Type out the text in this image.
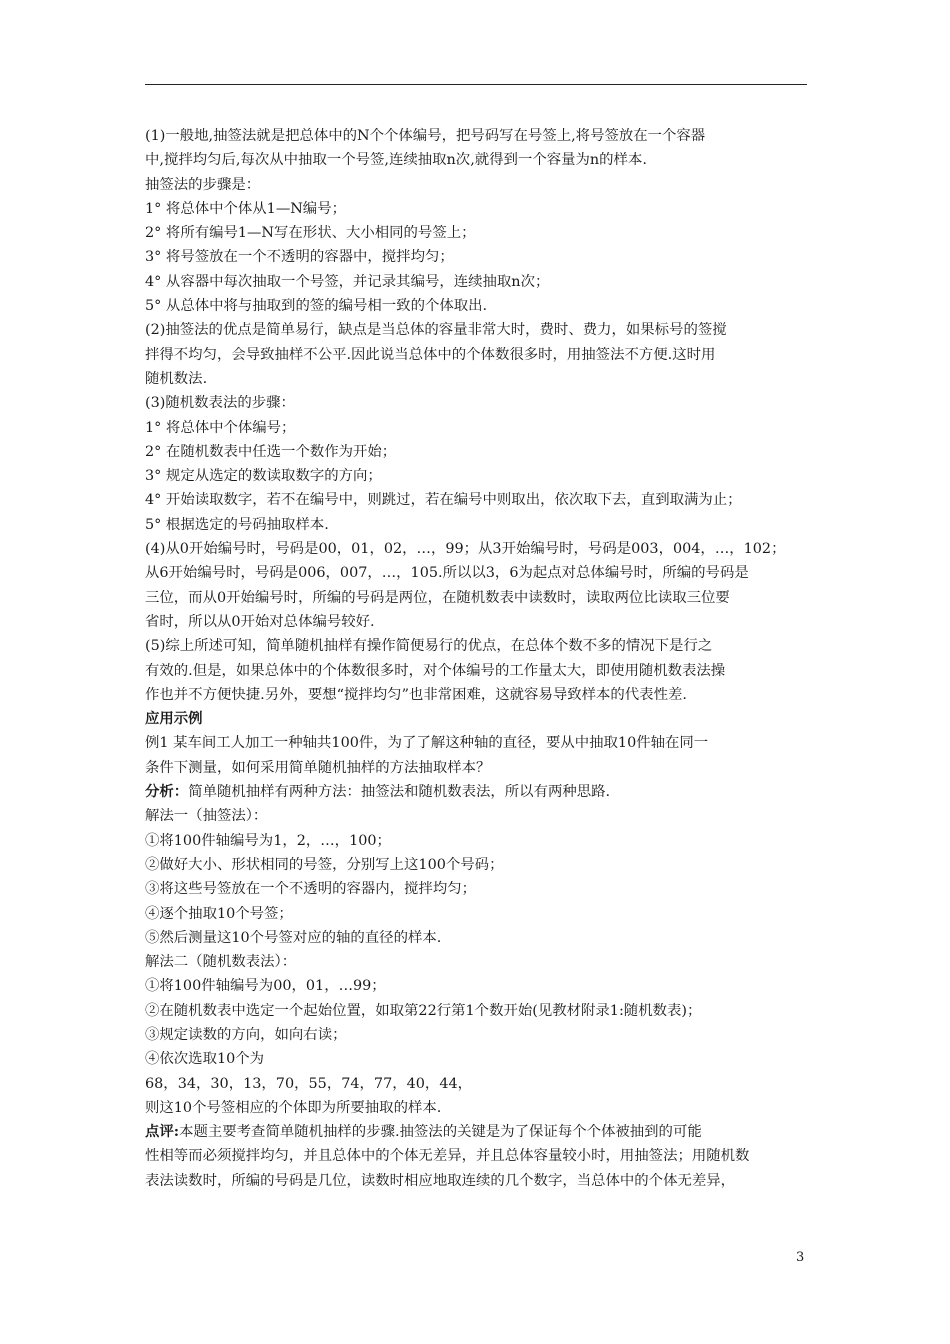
(1)一般地,抽签法就是把总体中的N个个体编号，把号码写在号签上,将号签放在一个容器
中,搅拌均匀后,每次从中抽取一个号签,连续抽取n次,就得到一个容量为n的样本.
抽签法的步骤是：
1° 将总体中个体从1—N编号；
2° 将所有编号1—N写在形状、大小相同的号签上；
3° 将号签放在一个不透明的容器中，搅拌均匀；
4° 从容器中每次抽取一个号签，并记录其编号，连续抽取n次；
5° 从总体中将与抽取到的签的编号相一致的个体取出.
(2)抽签法的优点是简单易行，缺点是当总体的容量非常大时，费时、费力，如果标号的签搅
拌得不均匀，会导致抽样不公平.因此说当总体中的个体数很多时，用抽签法不方便.这时用
随机数法.
(3)随机数表法的步骤：
1° 将总体中个体编号；
2° 在随机数表中任选一个数作为开始；
3° 规定从选定的数读取数字的方向；
4° 开始读取数字，若不在编号中，则跳过，若在编号中则取出，依次取下去，直到取满为止；
5° 根据选定的号码抽取样本.
(4)从0开始编号时，号码是00，01，02，…，99；从3开始编号时，号码是003，004，…，102；
从6开始编号时，号码是006，007，…，105.所以以3，6为起点对总体编号时，所编的号码是
三位，而从0开始编号时，所编的号码是两位，在随机数表中读数时，读取两位比读取三位要
省时，所以从0开始对总体编号较好.
(5)综上所述可知，简单随机抽样有操作简便易行的优点，在总体个数不多的情况下是行之
有效的.但是，如果总体中的个体数很多时，对个体编号的工作量太大，即使用随机数表法操
作也并不方便快捷.另外，要想“搅拌均匀”也非常困难，这就容易导致样本的代表性差.
应用示例
例1 某车间工人加工一种轴共100件，为了了解这种轴的直径，要从中抽取10件轴在同一
条件下测量，如何采用简单随机抽样的方法抽取样本？
分析：简单随机抽样有两种方法：抽签法和随机数表法，所以有两种思路.
解法一（抽签法）：
①将100件轴编号为1，2，…，100；
②做好大小、形状相同的号签，分别写上这100个号码；
③将这些号签放在一个不透明的容器内，搅拌均匀；
④逐个抽取10个号签；
⑤然后测量这10个号签对应的轴的直径的样本.
解法二（随机数表法）：
①将100件轴编号为00，01，…99；
②在随机数表中选定一个起始位置，如取第22行第1个数开始(见教材附录1:随机数表)；
③规定读数的方向，如向右读；
④依次选取10个为
68，34，30，13，70，55，74，77，40，44，
则这10个号签相应的个体即为所要抽取的样本.
点评:本题主要考查简单随机抽样的步骤.抽签法的关键是为了保证每个个体被抽到的可能
性相等而必须搅拌均匀，并且总体中的个体无差异，并且总体容量较小时，用抽签法；用随机数
表法读数时，所编的号码是几位，读数时相应地取连续的几个数字，当总体中的个体无差异，
3
